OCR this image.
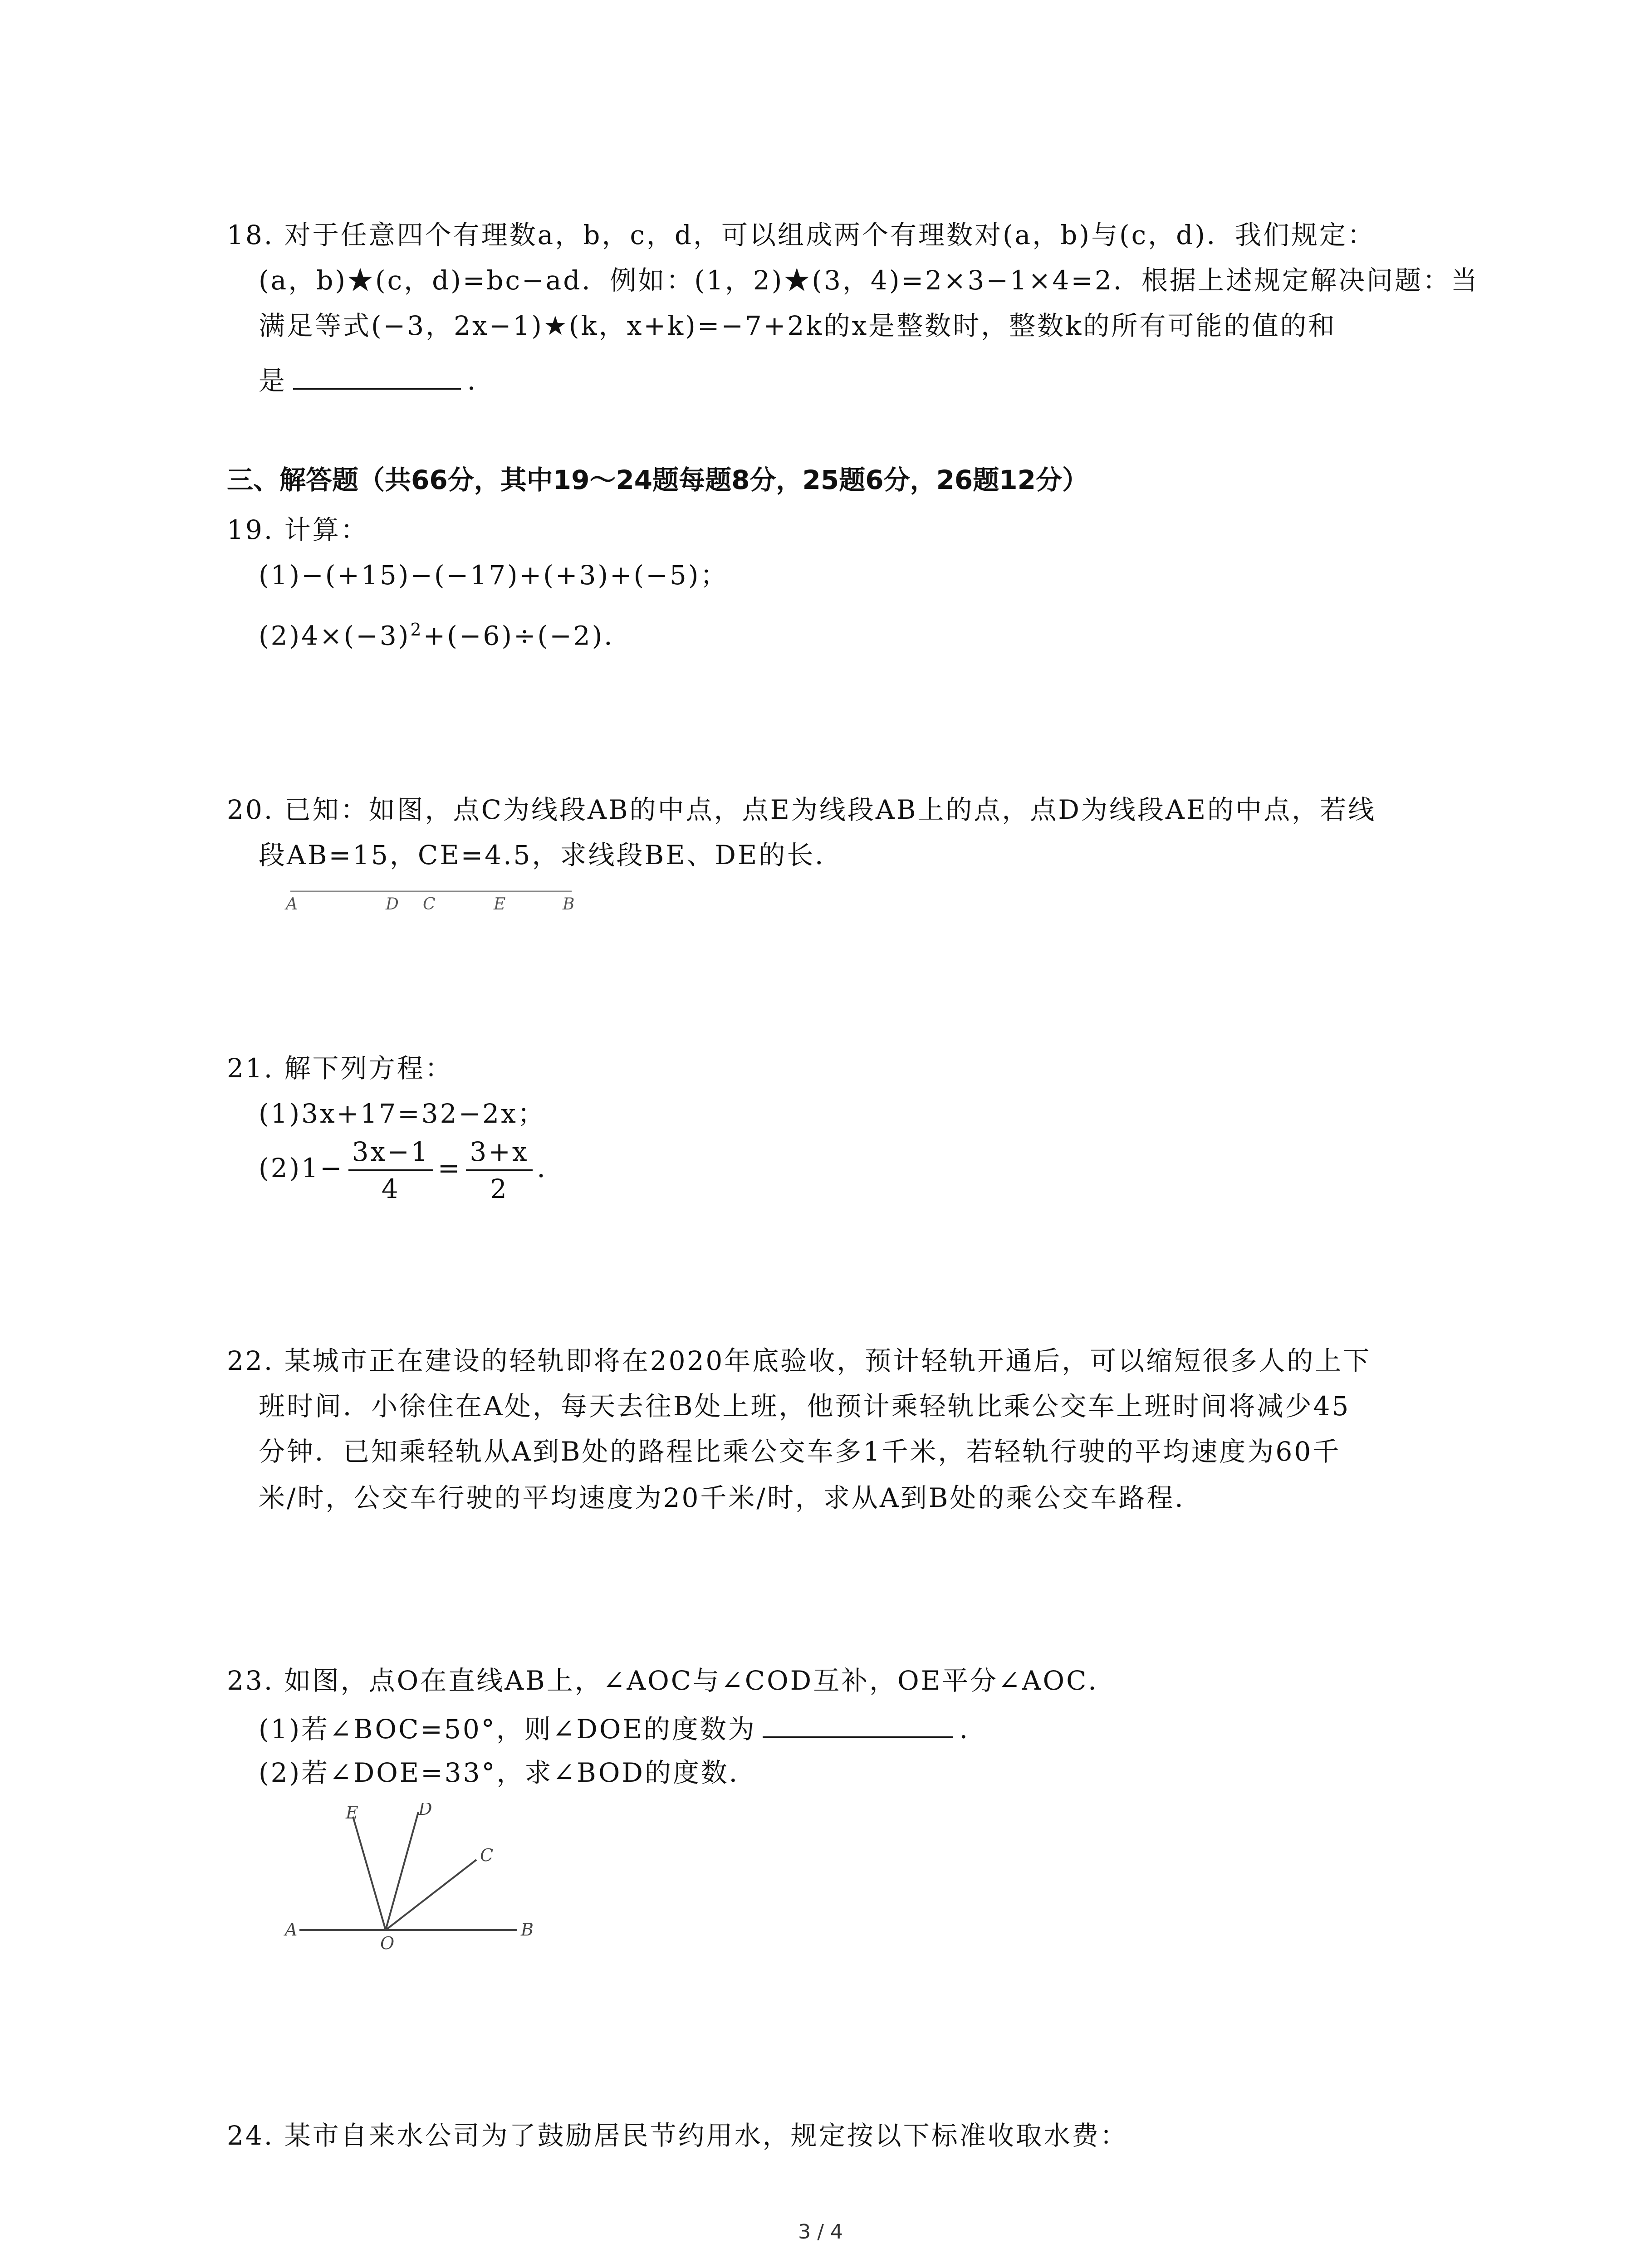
18. 对于任意四个有理数a，b，c，d，可以组成两个有理数对(a，b)与(c，d)．我们规定：
(a，b)★(c，d)=bc−ad．例如：(1，2)★(3，4)=2×3−1×4=2．根据上述规定解决问题：当
满足等式(−3，2x−1)★(k，x+k)=−7+2k的x是整数时，整数k的所有可能的值的和
是	．
三、解答题（共66分，其中19～24题每题8分，25题6分，26题12分）
19. 计算：
(1)−(+15)−(−17)+(+3)+(−5)；
$(2)4\times(-3)^2+(-6)\div(-2)$．
20. 已知：如图，点C为线段AB的中点，点E为线段AB上的点，点D为线段AE的中点，若线
段AB=15，CE=4.5，求线段BE、DE的长．
A	D C	E	B
21. 解下列方程：
(1)3x+17=32−2x；
$(2)1- \frac{3x-1}{4} = \frac{3+x}{2}$ ．
22. 某城市正在建设的轻轨即将在2020年底验收，预计轻轨开通后，可以缩短很多人的上下
班时间．小徐住在A处，每天去往B处上班，他预计乘轻轨比乘公交车上班时间将减少45
分钟．已知乘轻轨从A到B处的路程比乘公交车多1千米，若轻轨行驶的平均速度为60千
米/时，公交车行驶的平均速度为20千米/时，求从A到B处的乘公交车路程．
23. 如图，点O在直线AB上，∠AOC与∠COD互补，OE平分∠AOC．
(1)若∠BOC=50°，则∠DOE的度数为	．
(2)若∠DOE=33°，求∠BOD的度数．
E	D
C
A
O
B
24. 某市自来水公司为了鼓励居民节约用水，规定按以下标准收取水费：
3 / 4
